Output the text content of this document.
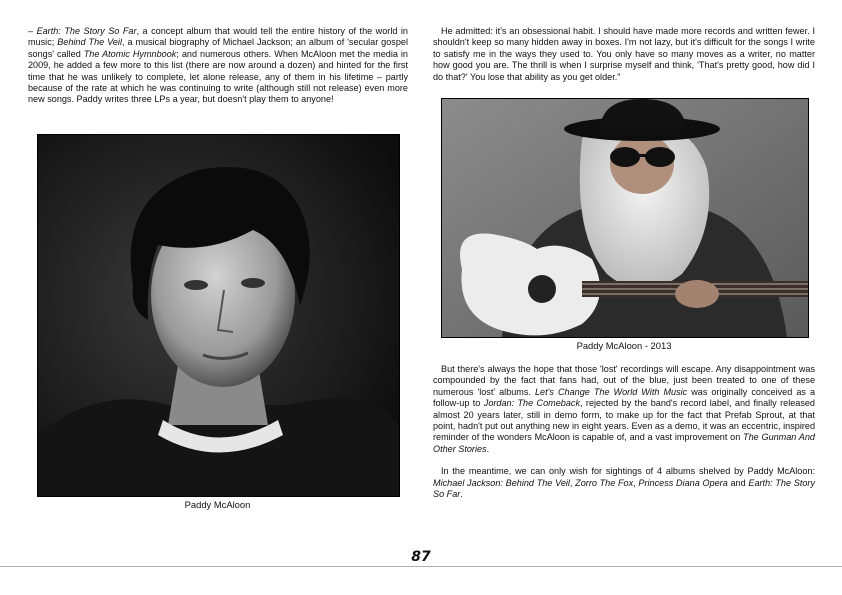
– Earth: The Story So Far, a concept album that would tell the entire history of the world in music; Behind The Veil, a musical biography of Michael Jackson; an album of 'secular gospel songs' called The Atomic Hymnbook; and numerous others. When McAloon met the media in 2009, he added a few more to this list (there are now around a dozen) and hinted for the first time that he was unlikely to complete, let alone release, any of them in his lifetime – partly because of the rate at which he was continuing to write (although still not release) even more new songs. Paddy writes three LPs a year, but doesn't play them to anyone!

Paddy McAloon

He admitted: it's an obsessional habit. I should have made more records and written fewer. I shouldn't keep so many hidden away in boxes. I'm not lazy, but it's difficult for the songs I write to satisfy me in the ways they used to. You only have so many moves as a writer, no matter how good you are. The thrill is when I surprise myself and think, 'That's pretty good, how did I do that?' You lose that ability as you get older."

Paddy McAloon - 2013

But there's always the hope that those 'lost' recordings will escape. Any disappointment was compounded by the fact that fans had, out of the blue, just been treated to one of these numerous 'lost' albums. Let's Change The World With Music was originally conceived as a follow-up to Jordan: The Comeback, rejected by the band's record label, and finally released almost 20 years later, still in demo form, to make up for the fact that Prefab Sprout, at that point, hadn't put out anything new in eight years. Even as a demo, it was an eccentric, inspired reminder of the wonders McAloon is capable of, and a vast improvement on The Gunman And Other Stories.

In the meantime, we can only wish for sightings of 4 albums shelved by Paddy McAloon: Michael Jackson: Behind The Veil, Zorro The Fox, Princess Diana Opera and Earth: The Story So Far.

87
